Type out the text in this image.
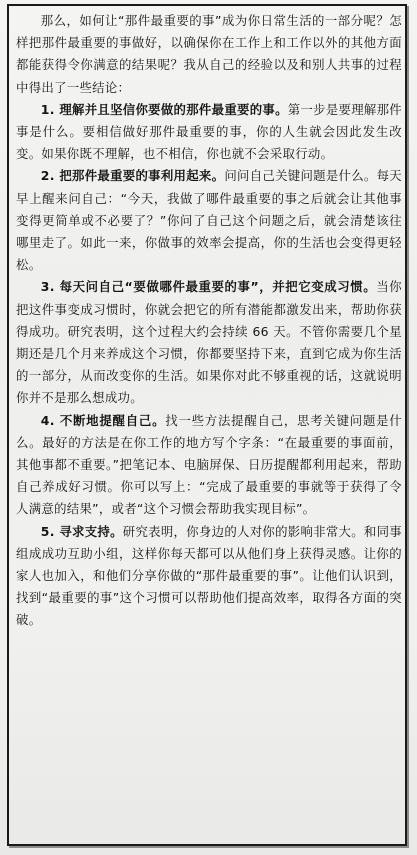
那么，如何让“那件最重要的事”成为你日常生活的一部分呢？怎样把那件最重要的事做好，以确保你在工作上和工作以外的其他方面都能获得令你满意的结果呢？我从自己的经验以及和别人共事的过程中得出了一些结论：

1. 理解并且坚信你要做的那件最重要的事。第一步是要理解那件事是什么。要相信做好那件最重要的事，你的人生就会因此发生改变。如果你既不理解，也不相信，你也就不会采取行动。

2. 把那件最重要的事利用起来。问问自己关键问题是什么。每天早上醒来问自己：“今天，我做了哪件最重要的事之后就会让其他事变得更简单或不必要了？”你问了自己这个问题之后，就会清楚该往哪里走了。如此一来，你做事的效率会提高，你的生活也会变得更轻松。

3. 每天问自己“要做哪件最重要的事”，并把它变成习惯。当你把这件事变成习惯时，你就会把它的所有潜能都激发出来，帮助你获得成功。研究表明，这个过程大约会持续 66 天。不管你需要几个星期还是几个月来养成这个习惯，你都要坚持下来，直到它成为你生活的一部分，从而改变你的生活。如果你对此不够重视的话，这就说明你并不是那么想成功。

4. 不断地提醒自己。找一些方法提醒自己，思考关键问题是什么。最好的方法是在你工作的地方写个字条：“在最重要的事面前，其他事都不重要。”把笔记本、电脑屏保、日历提醒都利用起来，帮助自己养成好习惯。你可以写上：“完成了最重要的事就等于获得了令人满意的结果”，或者“这个习惯会帮助我实现目标”。

5. 寻求支持。研究表明，你身边的人对你的影响非常大。和同事组成成功互助小组，这样你每天都可以从他们身上获得灵感。让你的家人也加入，和他们分享你做的“那件最重要的事”。让他们认识到，找到“最重要的事”这个习惯可以帮助他们提高效率，取得各方面的突破。
